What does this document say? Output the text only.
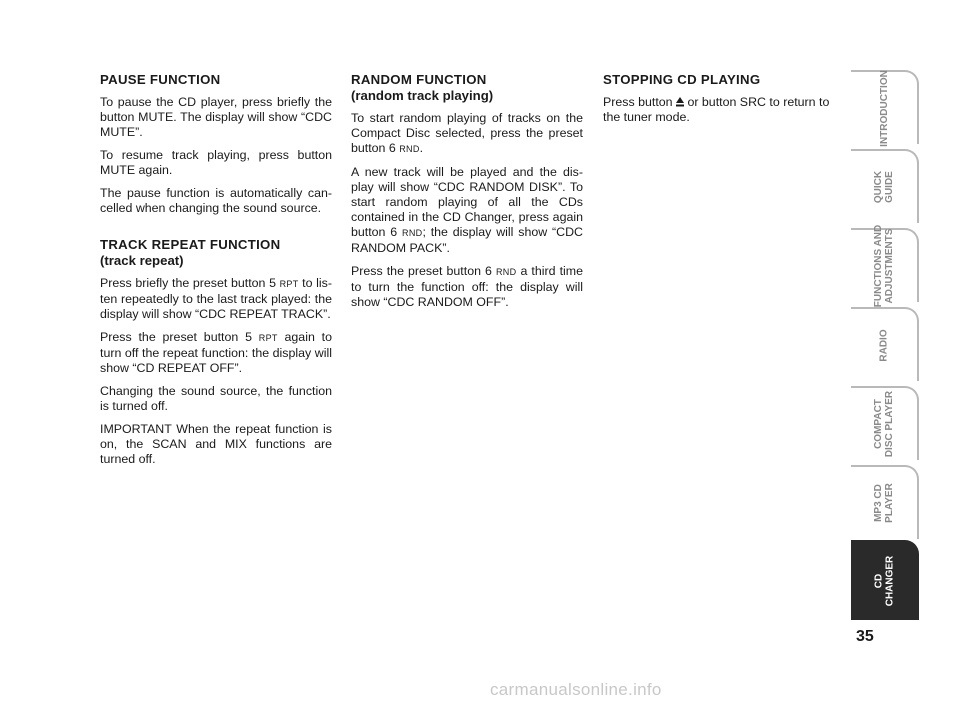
PAUSE FUNCTION

To pause the CD player, press briefly the button MUTE. The display will show “CDC MUTE”.

To resume track playing, press button MUTE again.

The pause function is automatically can-celled when changing the sound source.

TRACK REPEAT FUNCTION
(track repeat)

Press briefly the preset button 5 RPT to lis-ten repeatedly to the last track played: the display will show “CDC REPEAT TRACK”.

Press the preset button 5 RPT again to turn off the repeat function: the display will show “CD REPEAT OFF”.

Changing the sound source, the function is turned off.

IMPORTANT When the repeat function is on, the SCAN and MIX functions are turned off.

RANDOM FUNCTION
(random track playing)

To start random playing of tracks on the Compact Disc selected, press the preset button 6 RND.

A new track will be played and the dis-play will show “CDC RANDOM DISK”. To start random playing of all the CDs contained in the CD Changer, press again button 6 RND; the display will show “CDC RANDOM PACK”.

Press the preset button 6 RND a third time to turn the function off: the display will show “CDC RANDOM OFF”.

STOPPING CD PLAYING

Press button  or button SRC to return to the tuner mode.	INTRODUCTION
QUICK
GUIDE
FUNCTIONS AND
ADJUSTMENTS
RADIO
COMPACT
DISC PLAYER
MP3 CD
PLAYER
CD
CHANGER
35
carmanualsonline.info
